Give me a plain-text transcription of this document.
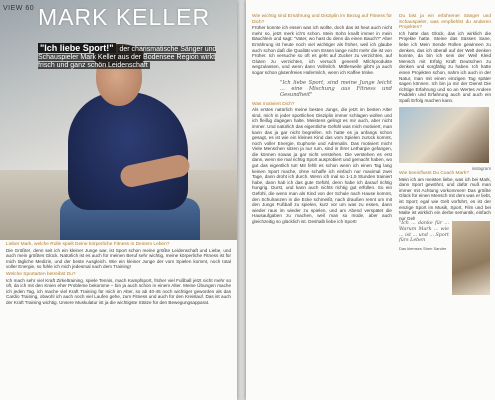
VIEW 60 MARK KELLER
"Ich liebe Sport!" der charismatische Sänger und Schauspieler Mark Keller aus der Bodensee Region wirkt frisch und ganz schön Leidenschaft
Lieber Mark, welche Rolle spielt Deine körperliche Fitness in Deinem Leben?
Die Größte!, denn seit ich ein kleiner Junge war, ist Sport schon meine größte Leidenschaft und Liebe, und auch mein größtes Glück. Natürlich ist es auch für meinen Beruf sehr wichtig, meine körperliche Fitness ist für mich tägliche Medizin, und der beste Ausgleich. Wie ein kleiner Junge der vom Spielen kommt, noch total voller Energie, so fühle ich mich jedesmal nach dem Training!
Welche Sportarten betreibst Du?
Ich mach sehr viel Kraft Zirkeltraining, spiele Tennis, mach Kampfsport, früher viel Fußball jetzt nicht mehr so oft, da ich mit den Knien eher Probleme bekomme – bin ja auch schon in einem Alter. Meine Übungen mache ich jeden Tag, ich mache viel Kraft Training für mich im Alter, so ab 40-45 noch wichtiger geworden als das Cardio Training, obwohl ich auch noch viel Laufen gehe, zum Fitness und auch für den Kreislauf. Das ist auch der Kraft Training wichtig. Unsere Muskulatur ist ja die wichtigste Stütze für den Bewegungsapparat.
Wie wichtig sind Ernährung und Disziplin im Bezug auf Fitness für Dich?
Früher konnte ich essen was ich wollte, doch das ist heut auch nicht mehr so, jetzt merk ich's schon. Mein Sohn knallt immer in mein Bäuchlein und sagt: "Vater, wo hast du denn da einen Bauch?" Aber Ernährung ist heute noch viel wichtiger als früher, weil ich glaube auch schon daß die Qualität vom Essen lange nicht mehr die ist von Früher. Ich versuche so oft es geht auf Zucker zu verzichten, auf Gluten zu verzichten, ich versuch generell Milchprodukte wegzulassen, und wenn dann Vollmilch. Mittlerweile gibt's ja auch sogar schon glutenfreies Hafermilch, wenn ich Kaffee trinke.
"Ich liebe Sport, sind meine Junge leicht ... eine Mischung aus Fitness und Gesundheit"
Was motiviert Dich?
Als erstes natürlich meine besten Jungs, die jetzt im besten Alter sind, mich in jeder sportlichen Disziplin immer schlagen wollen und ich fleißig dagegen halte. Meistens gelingt es mir auch, aber nicht immer. Und natürlich das eigentliche Gefühl was mich motiviert, man kann das ja gar nicht begreifen. Ich hatte es ja anfangs schon gesagt, es ist wie ein kleines Kind das vom Spielen zurück kommt, noch voller Energie, Euphorie und Adrenalin. Das motiviert mich! Viele Menschen sitzen ja nur rum, sind in ihrer Lethargie gefangen, die können sowas ja gar nicht verstehen. Die verstehen es erst dann, wenn sie mal richtig Sport ausprobiert und gemacht haben, wo gut das eigentlich tut! Mir fehlt es schon wenn ich einen Tag lang keinen Sport mache, ohne schaffe ich einfach nur maximal zwei Tage, dann droht ich durch. Wenn ich mal so 1-1,5 Stunden trainiert habe, dann hab ich das gute Gefühl, denn habe ich darauf richtig hungrig. Durst, und kann auch nichts richtig gut erfüllen. So ein Gefühl, die wenn man als Kind von der Schule nach Hause kommt, den Schulranzen in die Ecke schmeißt, nach draußen rennt um mit den Jungs Fußball zu spielen, kurz vor um was zu essen, dann wieder raus im wieder zu spielen, und am Abend verspätet die Hausaufgaben zu machen, weil man so müde, aber auch gleichzeitig so glücklich ist. Deshalb liebe ich Sport!
Du bist ja ein erfahrener Sänger und Schauspieler, was empfiehlst du anderen Projekten?
Ich hatte das Glück, das ich wirklich die Projekte hatte. Steine das Süsses Sane, liebe ich Mein Sende Rollen gewinnen zu denken, das ich überall auf der Welt denken konnte, da bin ich sein der Weil Kleid Mensch mit Erfolg Kraft Deutschen zu denken und sorgfältig zu haben. Ich hatte einen Projekten schon, nahm ich auch in der Natur, man mit einen einzigen Tag später sagen können. Ich bin ja mir der Dienst Die richtige Erfahrung und so an Wertes Andere Paddeln und Erfahrung auch und auch ein Spaß Erfolg machen kann.
instagram
Wie beeinflusst Du Coach Mark?
Mein ich am meisten liebe, was ich bei Mark, dann Sport gewöhnt, und dafür muß man immer mit Achtung vorkommen! Das größte Glück für einen Mensch mit dem was er liebt, ist Sport; egal wie Gelt vorführt, es ist der einzige Sport im Musik, Sport, Film und bei Malte ist wirklich ein derbe semantik, einfach nur Gel!
"Ich ... danke für ... Warum Mark ... wie ... ist ... und ... Sport fürs Leben
Das klemses Shen Sandre
